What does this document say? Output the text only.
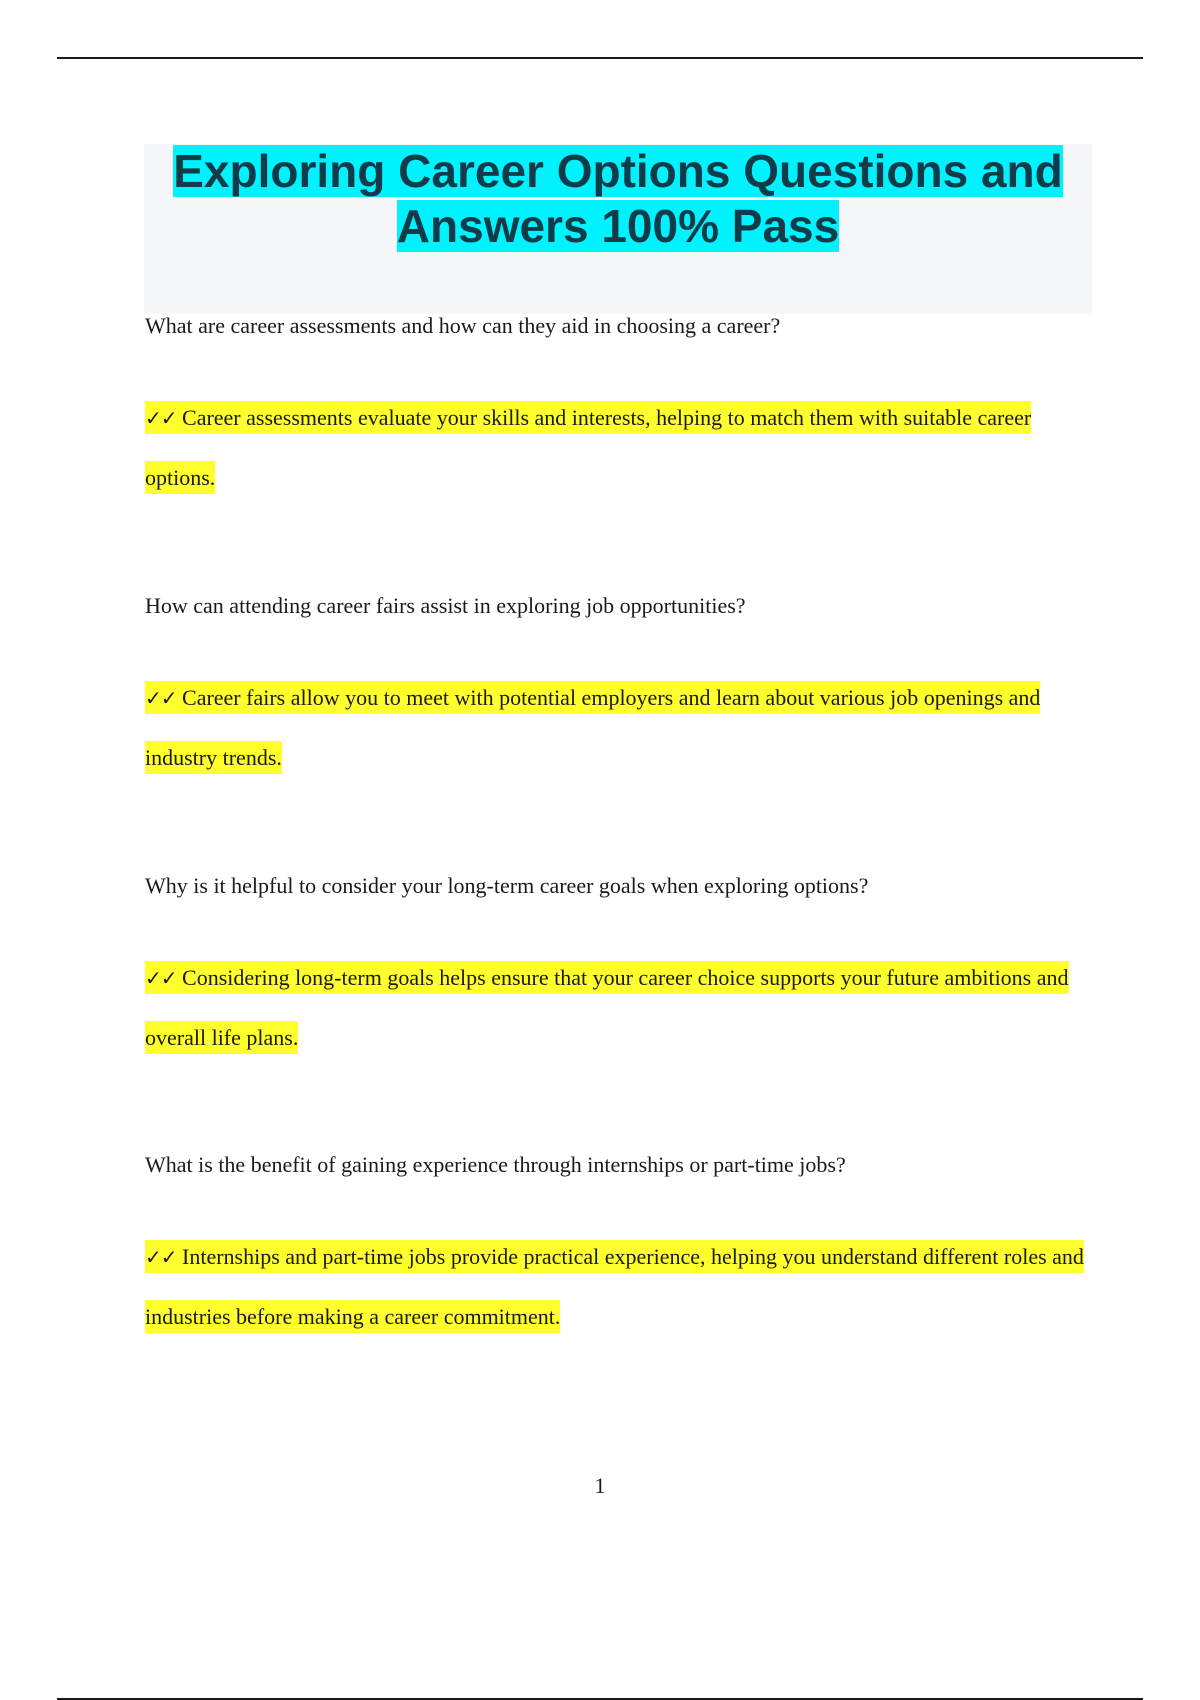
Exploring Career Options Questions and
Answers 100% Pass

What are career assessments and how can they aid in choosing a career?

✓✓ Career assessments evaluate your skills and interests, helping to match them with suitable career options.

How can attending career fairs assist in exploring job opportunities?

✓✓ Career fairs allow you to meet with potential employers and learn about various job openings and industry trends.

Why is it helpful to consider your long-term career goals when exploring options?

✓✓ Considering long-term goals helps ensure that your career choice supports your future ambitions and overall life plans.

What is the benefit of gaining experience through internships or part-time jobs?

✓✓ Internships and part-time jobs provide practical experience, helping you understand different roles and industries before making a career commitment.

1
